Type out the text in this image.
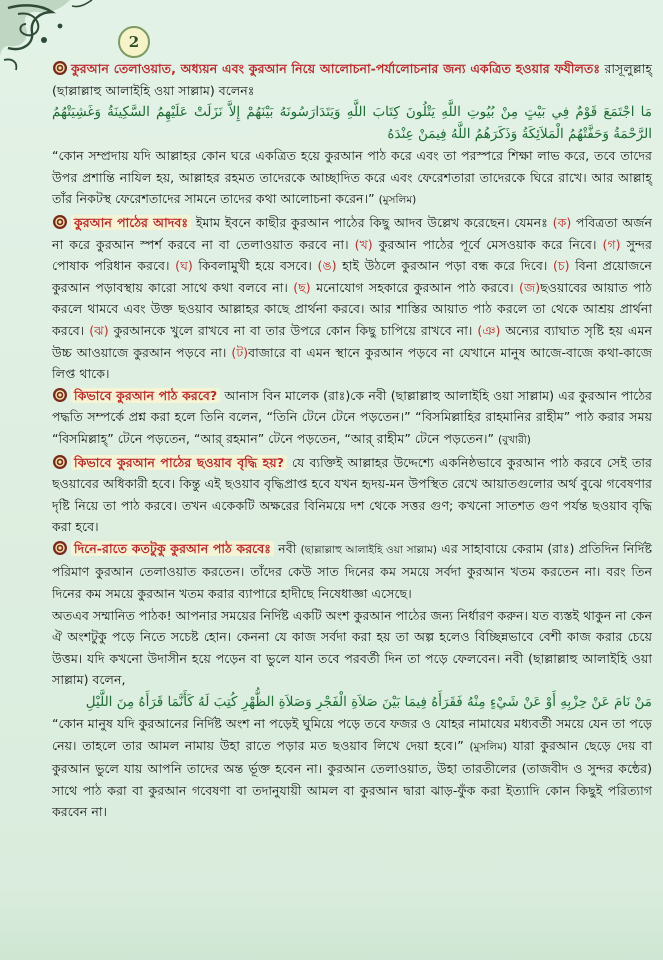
2

কুরআন তেলাওয়াত, অধ্যয়ন এবং কুরআন নিয়ে আলোচনা-পর্যালোচনার জন্য একত্রিত হওয়ার ফযীলতঃ রাসূলুল্লাহ্‌ (ছাল্লাল্লাহু আলাইহি ওয়া সাল্লাম) বলেনঃ

مَا اجْتَمَعَ قَوْمٌ فِي بَيْتٍ مِنْ بُيُوتِ اللَّهِ يَتْلُونَ كِتَابَ اللَّهِ وَيَتَدَارَسُونَهُ بَيْنَهُمْ إِلاَّ نَزَلَتْ عَلَيْهِمُ السَّكِينَةُ وَغَشِيَتْهُمُ الرَّحْمَةُ وَحَفَّتْهُمُ الْمَلاَئِكَةُ وَذَكَرَهُمُ اللَّهُ فِيمَنْ عِنْدَهُ

“কোন সম্প্রদায় যদি আল্লাহর কোন ঘরে একত্রিত হয়ে কুরআন পাঠ করে এবং তা পরস্পরে শিক্ষা লাভ করে, তবে তাদের উপর প্রশান্তি নাযিল হয়, আল্লাহর রহমত তাদেরকে আচ্ছাদিত করে এবং ফেরেশতারা তাদেরকে ঘিরে রাখে। আর আল্লাহ্‌ তাঁর নিকটস্থ ফেরেশতাদের সামনে তাদের কথা আলোচনা করেন।” (মুসলিম)

কুরআন পাঠের আদবঃ ইমাম ইবনে কাছীর কুরআন পাঠের কিছু আদব উল্লেখ করেছেন। যেমনঃ (ক) পবিত্রতা অর্জন না করে কুরআন স্পর্শ করবে না বা তেলাওয়াত করবে না। (খ) কুরআন পাঠের পূর্বে মেসওয়াক করে নিবে। (গ) সুন্দর পোষাক পরিধান করবে। (ঘ) কিবলামুখী হয়ে বসবে। (ঙ) হাই উঠলে কুরআন পড়া বন্ধ করে দিবে। (চ) বিনা প্রয়োজনে কুরআন পড়াবস্থায় কারো সাথে কথা বলবে না। (ছ) মনোযোগ সহকারে কুরআন পাঠ করবে। (জ)ছওয়াবের আয়াত পাঠ করলে থামবে এবং উক্ত ছওয়াব আল্লাহর কাছে প্রার্থনা করবে। আর শাস্তির আয়াত পাঠ করলে তা থেকে আশ্রয় প্রার্থনা করবে। (ঝ) কুরআনকে খুলে রাখবে না বা তার উপরে কোন কিছু চাপিয়ে রাখবে না। (ঞ) অন্যের ব্যাঘাত সৃষ্টি হয় এমন উচ্চ আওয়াজে কুরআন পড়বে না। (ট)বাজারে বা এমন স্থানে কুরআন পড়বে না যেখানে মানুষ আজে-বাজে কথা-কাজে লিপ্ত থাকে।

কিভাবে কুরআন পাঠ করবে? আনাস বিন মালেক (রাঃ)কে নবী (ছাল্লাল্লাহু আলাইহি ওয়া সাল্লাম) এর কুরআন পাঠের পদ্ধতি সম্পর্কে প্রশ্ন করা হলে তিনি বলেন, “তিনি টেনে টেনে পড়তেন।” “বিসমিল্লাহির রাহমানির রাহীম” পাঠ করার সময় “বিসমিল্লাহ্‌” টেনে পড়তেন, “আর্‌ রহমান” টেনে পড়তেন, “আর্‌ রাহীম” টেনে পড়তেন।” (বুখারী)

কিভাবে কুরআন পাঠের ছওয়াব বৃদ্ধি হয়? যে ব্যক্তিই আল্লাহর উদ্দেশ্যে একনিষ্ঠভাবে কুরআন পাঠ করবে সেই তার ছওয়াবের অধিকারী হবে। কিন্তু এই ছওয়াব বৃদ্ধিপ্রাপ্ত হবে যখন হৃদয়-মন উপস্থিত রেখে আয়াতগুলোর অর্থ বুঝে গবেষণার দৃষ্টি নিয়ে তা পাঠ করবে। তখন একেকটি অক্ষরের বিনিময়ে দশ থেকে সত্তর গুণ; কখনো সাতশত গুণ পর্যন্ত ছওয়াব বৃদ্ধি করা হবে।

দিনে-রাতে কতটুকু কুরআন পাঠ করবেঃ নবী (ছাল্লাল্লাহু আলাইহি ওয়া সাল্লাম) এর সাহাবায়ে কেরাম (রাঃ) প্রতিদিন নির্দিষ্ট পরিমাণ কুরআন তেলাওয়াত করতেন। তাঁদের কেউ সাত দিনের কম সময়ে সর্বদা কুরআন খতম করতেন না। বরং তিন দিনের কম সময়ে কুরআন খতম করার ব্যাপারে হাদীছে নিষেধাজ্ঞা এসেছে।

অতএব সম্মানিত পাঠক! আপনার সময়ের নির্দিষ্ট একটি অংশ কুরআন পাঠের জন্য নির্ধারণ করুন। যত ব্যস্তই থাকুন না কেন ঐ অংশটুকু পড়ে নিতে সচেষ্ট হোন। কেননা যে কাজ সর্বদা করা হয় তা অল্প হলেও বিচ্ছিন্নভাবে বেশী কাজ করার চেয়ে উত্তম। যদি কখনো উদাসীন হয়ে পড়েন বা ভুলে যান তবে পরবর্তী দিন তা পড়ে ফেলবেন। নবী (ছাল্লাল্লাহু আলাইহি ওয়া সাল্লাম) বলেন,

مَنْ نَامَ عَنْ حِزْبِهِ أَوْ عَنْ شَيْءٍ مِنْهُ فَقَرَأَهُ فِيمَا بَيْنَ صَلاَةِ الْفَجْرِ وَصَلاَةِ الظُّهْرِ كُتِبَ لَهُ كَأَنَّمَا قَرَأَهُ مِنَ اللَّيْلِ

“কোন মানুষ যদি কুরআনের নির্দিষ্ট অংশ না পড়েই ঘুমিয়ে পড়ে তবে ফজর ও যোহর নামাযের মধ্যবর্তী সময়ে যেন তা পড়ে নেয়। তাহলে তার আমল নামায় উহা রাতে পড়ার মত ছওয়াব লিখে দেয়া হবে।” (মুসলিম) যারা কুরআন ছেড়ে দেয় বা কুরআন ভুলে যায় আপনি তাদের অন্ত র্ভূক্ত হবেন না। কুরআন তেলাওয়াত, উহা তারতীলের (তাজবীদ ও সুন্দর কন্ঠের) সাথে পাঠ করা বা কুরআন গবেষণা বা তদানুযায়ী আমল বা কুরআন দ্বারা ঝাড়-ফুঁক করা ইত্যাদি কোন কিছুই পরিত্যাগ করবেন না।
